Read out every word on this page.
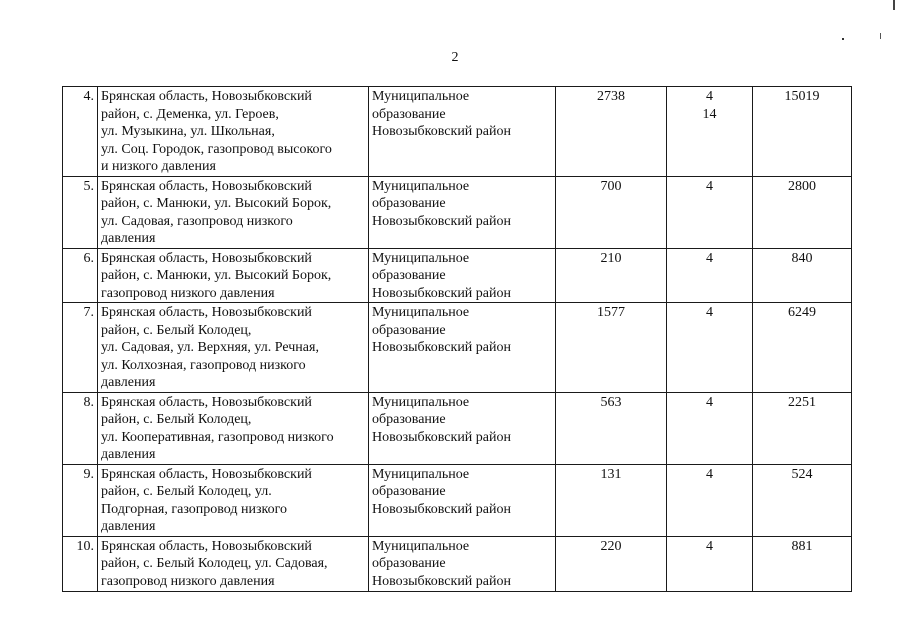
2
4.	Брянская область, Новозыбковский
район, с. Деменка, ул. Героев,
ул. Музыкина, ул. Школьная,
ул. Соц. Городок, газопровод высокого
и низкого давления	Муниципальное
образование
Новозыбковский район	2738	4
14	15019
5.	Брянская область, Новозыбковский
район, с. Манюки, ул. Высокий Борок,
ул. Садовая, газопровод низкого
давления	Муниципальное
образование
Новозыбковский район	700	4	2800
6.	Брянская область, Новозыбковский
район, с. Манюки, ул. Высокий Борок,
газопровод низкого давления	Муниципальное
образование
Новозыбковский район	210	4	840
7.	Брянская область, Новозыбковский
район, с. Белый Колодец,
ул. Садовая, ул. Верхняя, ул. Речная,
ул. Колхозная, газопровод низкого
давления	Муниципальное
образование
Новозыбковский район	1577	4	6249
8.	Брянская область, Новозыбковский
район, с. Белый Колодец,
ул. Кооперативная, газопровод низкого
давления	Муниципальное
образование
Новозыбковский район	563	4	2251
9.	Брянская область, Новозыбковский
район, с. Белый Колодец, ул.
Подгорная, газопровод низкого
давления	Муниципальное
образование
Новозыбковский район	131	4	524
10.	Брянская область, Новозыбковский
район, с. Белый Колодец, ул. Садовая,
газопровод низкого давления	Муниципальное
образование
Новозыбковский район	220	4	881
